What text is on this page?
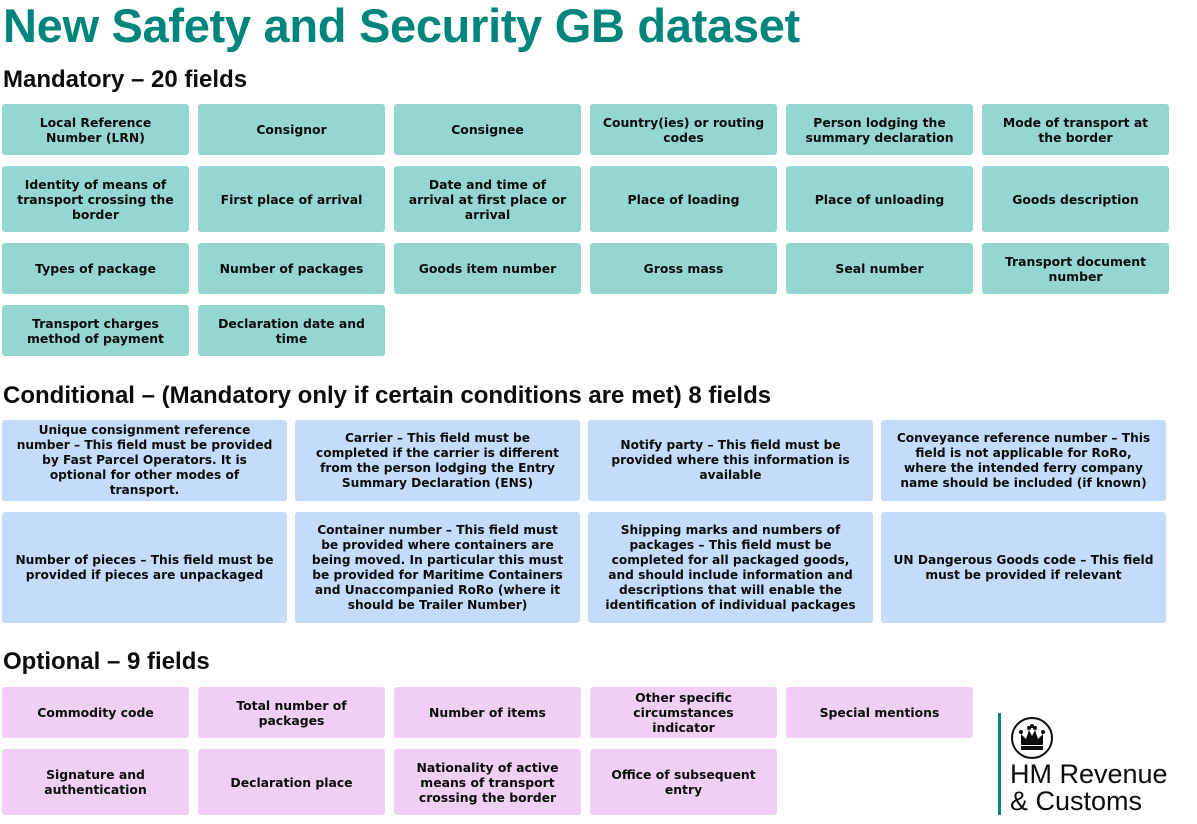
New Safety and Security GB dataset
Mandatory – 20 fields
Local Reference Number (LRN)	Consignor	Consignee	Country(ies) or routing codes
Person lodging the summary declaration
Mode of transport at the border
Identity of means of transport crossing the border
First place of arrival
Date and time of arrival at first place or arrival
Place of loading	Place of unloading	Goods description
Types of package	Number of packages	Goods item number	Gross mass	Seal number	Transport document number
Transport charges method of payment
Declaration date and time
Conditional – (Mandatory only if certain conditions are met) 8 fields
Unique consignment reference number – This field must be provided by Fast Parcel Operators. It is optional for other modes of transport.
Carrier – This field must be completed if the carrier is different from the person lodging the Entry Summary Declaration (ENS)
Notify party – This field must be provided where this information is available
Conveyance reference number – This field is not applicable for RoRo, where the intended ferry company name should be included (if known)
Number of pieces – This field must be provided if pieces are unpackaged
Container number – This field must be provided where containers are being moved. In particular this must be provided for Maritime Containers and Unaccompanied RoRo (where it should be Trailer Number)
Shipping marks and numbers of packages – This field must be completed for all packaged goods, and should include information and descriptions that will enable the identification of individual packages
UN Dangerous Goods code – This field must be provided if relevant
Optional – 9 fields
Commodity code	Total number of packages	Number of items
Other specific circumstances indicator
Special mentions
Signature and authentication	Declaration place
Nationality of active means of transport crossing the border
Office of subsequent entry
HM Revenue
& Customs
